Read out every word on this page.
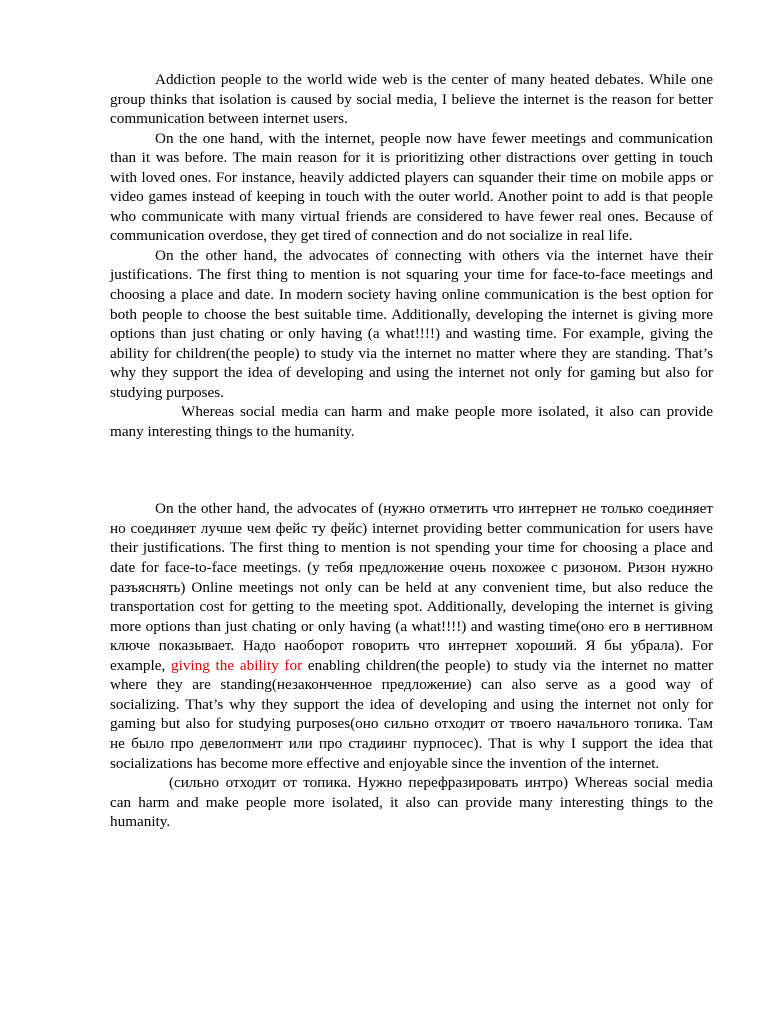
Addiction people to the world wide web is the center of many heated debates. While one group thinks that isolation is caused by social media, I believe the internet is the reason for better communication between internet users.

On the one hand, with the internet, people now have fewer meetings and communication than it was before. The main reason for it is prioritizing other distractions over getting in touch with loved ones. For instance, heavily addicted players can squander their time on mobile apps or video games instead of keeping in touch with the outer world. Another point to add is that people who communicate with many virtual friends are considered to have fewer real ones. Because of communication overdose, they get tired of connection and do not socialize in real life.

On the other hand, the advocates of connecting with others via the internet have their justifications. The first thing to mention is not squaring your time for face-to-face meetings and choosing a place and date. In modern society having online communication is the best option for both people to choose the best suitable time. Additionally, developing the internet is giving more options than just chating or only having (a what!!!!) and wasting time. For example, giving the ability for children(the people) to study via the internet no matter where they are standing. That’s why they support the idea of developing and using the internet not only for gaming but also for studying purposes.

Whereas social media can harm and make people more isolated, it also can provide many interesting things to the humanity.

On the other hand, the advocates of (нужно отметить что интернет не только соединяет но соединяет лучше чем фейс ту фейс) internet providing better communication for users have their justifications. The first thing to mention is not spending your time for choosing a place and date for face-to-face meetings. (у тебя предложение очень похожее с ризоном. Ризон нужно разъяснять) Online meetings not only can be held at any convenient time, but also reduce the transportation cost for getting to the meeting spot. Additionally, developing the internet is giving more options than just chating or only having (a what!!!!) and wasting time(оно его в негтивном ключе показывает. Надо наоборот говорить что интернет хороший. Я бы убрала). For example, giving the ability for enabling children(the people) to study via the internet no matter where they are standing(незаконченное предложение) can also serve as a good way of socializing. That’s why they support the idea of developing and using the internet not only for gaming but also for studying purposes(оно сильно отходит от твоего начального топика. Там не было про девелопмент или про стадиинг пурпосес). That is why I support the idea that socializations has become more effective and enjoyable since the invention of the internet.

(сильно отходит от топика. Нужно перефразировать интро) Whereas social media can harm and make people more isolated, it also can provide many interesting things to the humanity.
